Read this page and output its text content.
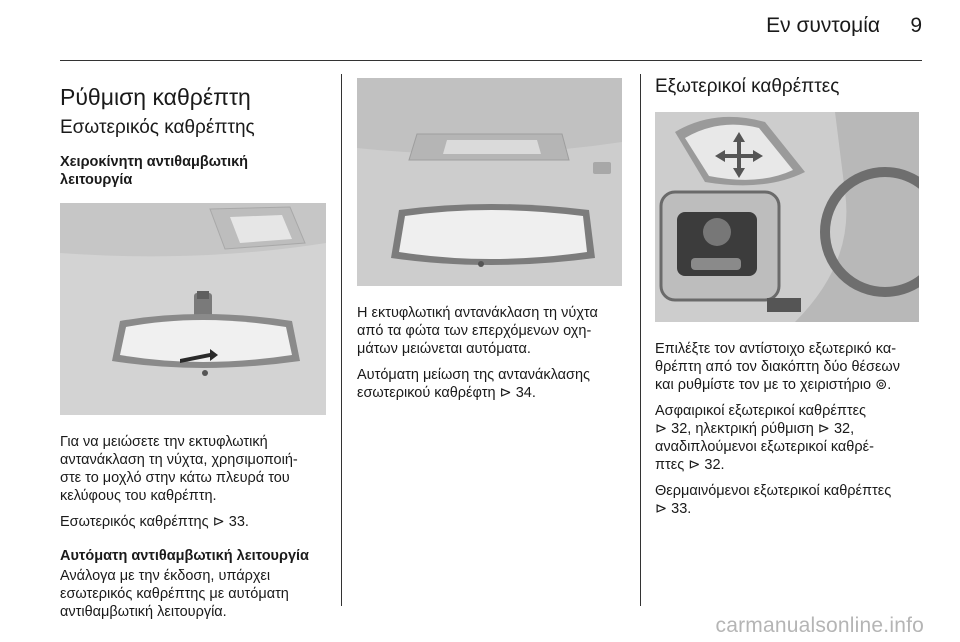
Εν συντομία 9
Ρύθμιση καθρέπτη
Εσωτερικός καθρέπτης
Χειροκίνητη αντιθαμβωτική
λειτουργία
Για να μειώσετε την εκτυφλωτική
αντανάκλαση τη νύχτα, χρησιμοποιή-
στε το μοχλό στην κάτω πλευρά του
κελύφους του καθρέπτη.
Εσωτερικός καθρέπτης ⊳ 33.
Αυτόματη αντιθαμβωτική λειτουργία
Ανάλογα με την έκδοση, υπάρχει
εσωτερικός καθρέπτης με αυτόματη
αντιθαμβωτική λειτουργία.
Η εκτυφλωτική αντανάκλαση τη νύχτα
από τα φώτα των επερχόμενων οχη-
μάτων μειώνεται αυτόματα.
Αυτόματη μείωση της αντανάκλασης
εσωτερικού καθρέφτη ⊳ 34.
Εξωτερικοί καθρέπτες
Επιλέξτε τον αντίστοιχο εξωτερικό κα-
θρέπτη από τον διακόπτη δύο θέσεων
και ρυθμίστε τον με το χειριστήριο ⊚.
Ασφαιρικοί εξωτερικοί καθρέπτες
⊳ 32, ηλεκτρική ρύθμιση ⊳ 32,
αναδιπλούμενοι εξωτερικοί καθρέ-
πτες ⊳ 32.
Θερμαινόμενοι εξωτερικοί καθρέπτες
⊳ 33.
carmanualsonline.info
